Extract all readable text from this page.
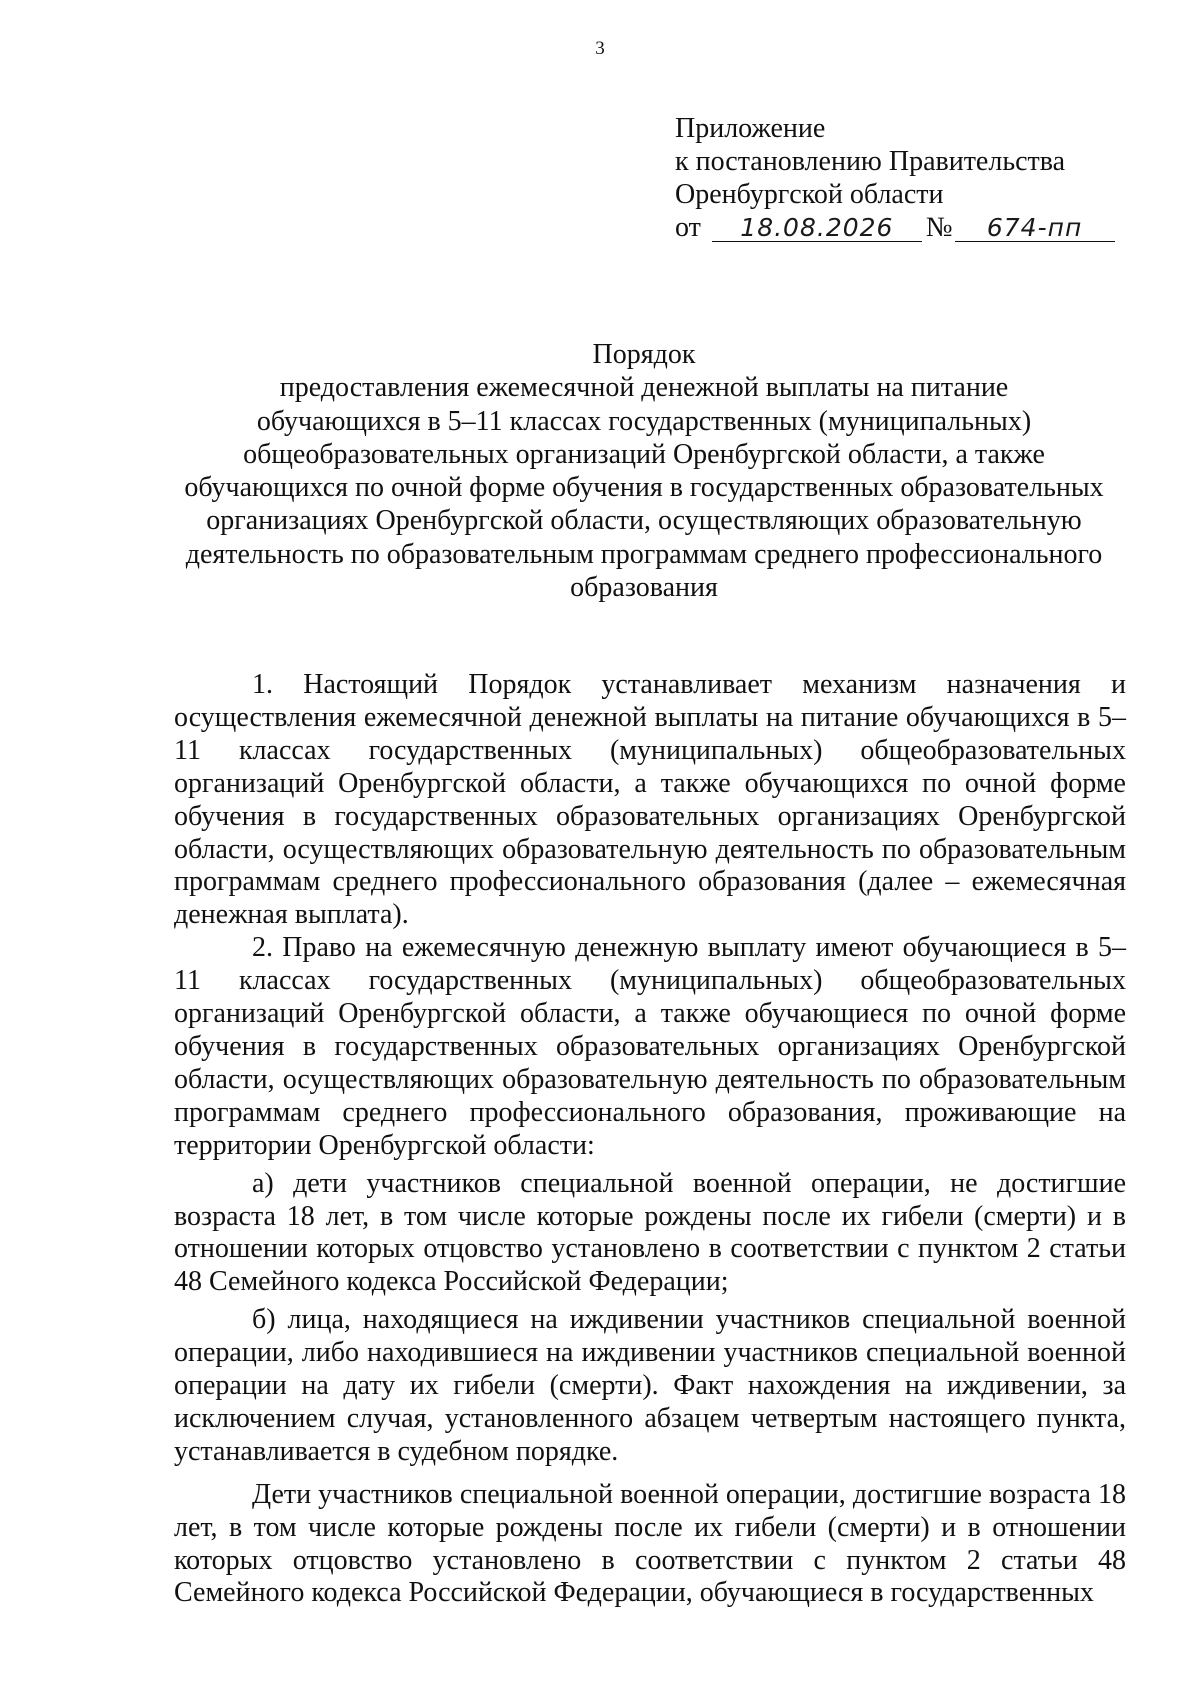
3
Приложение
к постановлению Правительства
Оренбургской области
от 18.08.2026 № 674-пп
Порядок
предоставления ежемесячной денежной выплаты на питание
обучающихся в 5–11 классах государственных (муниципальных)
общеобразовательных организаций Оренбургской области, а также
обучающихся по очной форме обучения в государственных образовательных
организациях Оренбургской области, осуществляющих образовательную
деятельность по образовательным программам среднего профессионального
образования

1. Настоящий Порядок устанавливает механизм назначения и осуществления ежемесячной денежной выплаты на питание обучающихся в 5–11 классах государственных (муниципальных) общеобразовательных организаций Оренбургской области, а также обучающихся по очной форме обучения в государственных образовательных организациях Оренбургской области, осуществляющих образовательную деятельность по образовательным программам среднего профессионального образования (далее – ежемесячная денежная выплата).

2. Право на ежемесячную денежную выплату имеют обучающиеся в 5–11 классах государственных (муниципальных) общеобразовательных организаций Оренбургской области, а также обучающиеся по очной форме обучения в государственных образовательных организациях Оренбургской области, осуществляющих образовательную деятельность по образовательным программам среднего профессионального образования, проживающие на территории Оренбургской области:

а) дети участников специальной военной операции, не достигшие возраста 18 лет, в том числе которые рождены после их гибели (смерти) и в отношении которых отцовство установлено в соответствии с пунктом 2 статьи 48 Семейного кодекса Российской Федерации;

б) лица, находящиеся на иждивении участников специальной военной операции, либо находившиеся на иждивении участников специальной военной операции на дату их гибели (смерти). Факт нахождения на иждивении, за исключением случая, установленного абзацем четвертым настоящего пункта, устанавливается в судебном порядке.

Дети участников специальной военной операции, достигшие возраста 18 лет, в том числе которые рождены после их гибели (смерти) и в отношении которых отцовство установлено в соответствии с пунктом 2 статьи 48 Семейного кодекса Российской Федерации, обучающиеся в государственных
